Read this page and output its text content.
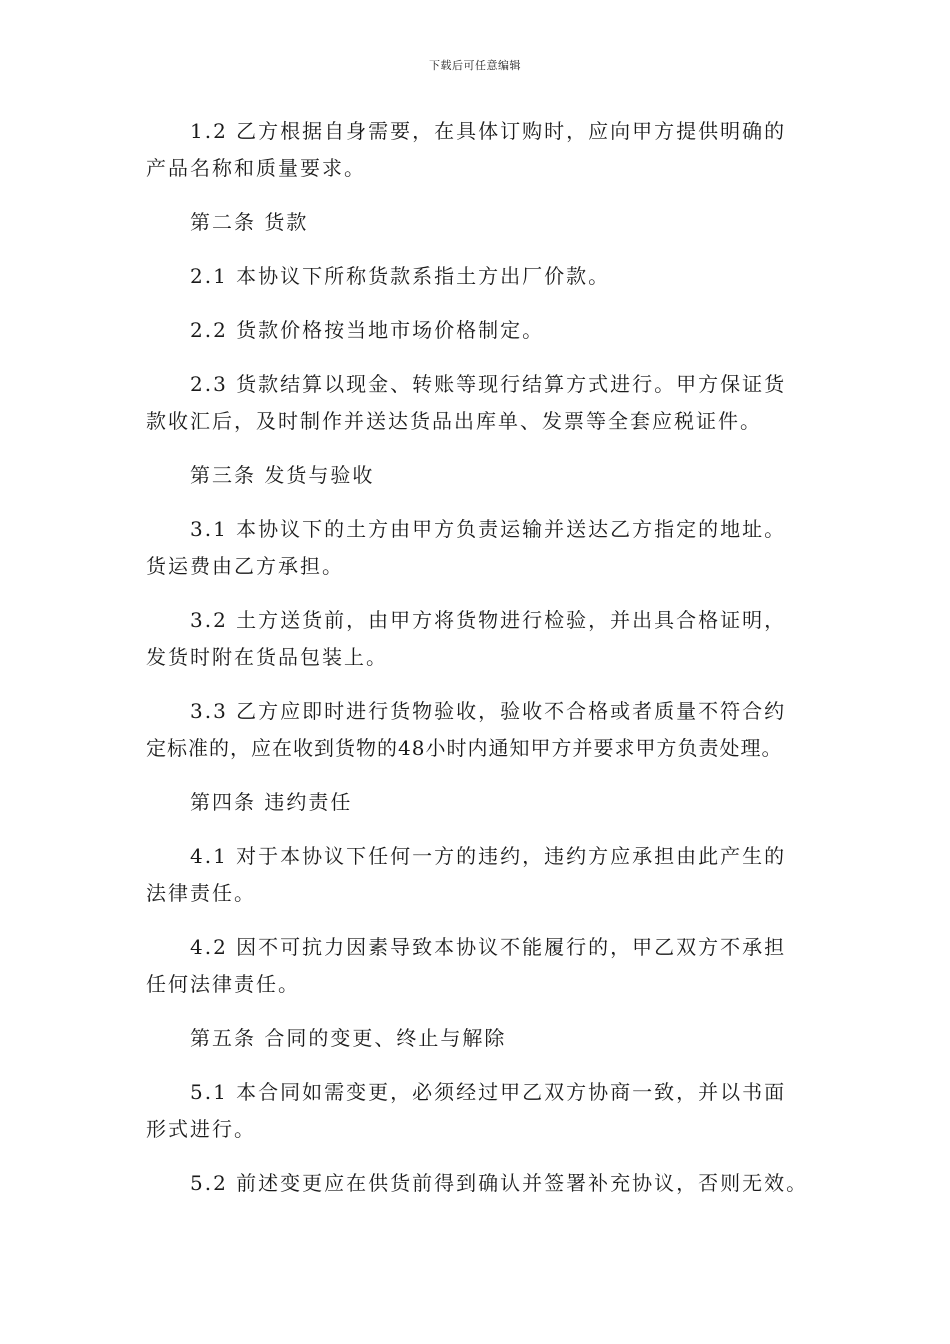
下载后可任意编辑
1.2 乙方根据自身需要，在具体订购时，应向甲方提供明确的
产品名称和质量要求。
第二条 货款
2.1 本协议下所称货款系指土方出厂价款。
2.2 货款价格按当地市场价格制定。
2.3 货款结算以现金、转账等现行结算方式进行。甲方保证货
款收汇后，及时制作并送达货品出库单、发票等全套应税证件。
第三条 发货与验收
3.1 本协议下的土方由甲方负责运输并送达乙方指定的地址。
货运费由乙方承担。
3.2 土方送货前，由甲方将货物进行检验，并出具合格证明，
发货时附在货品包装上。
3.3 乙方应即时进行货物验收，验收不合格或者质量不符合约
定标准的，应在收到货物的48小时内通知甲方并要求甲方负责处理。
第四条 违约责任
4.1 对于本协议下任何一方的违约，违约方应承担由此产生的
法律责任。
4.2 因不可抗力因素导致本协议不能履行的，甲乙双方不承担
任何法律责任。
第五条 合同的变更、终止与解除
5.1 本合同如需变更，必须经过甲乙双方协商一致，并以书面
形式进行。
5.2 前述变更应在供货前得到确认并签署补充协议，否则无效。
